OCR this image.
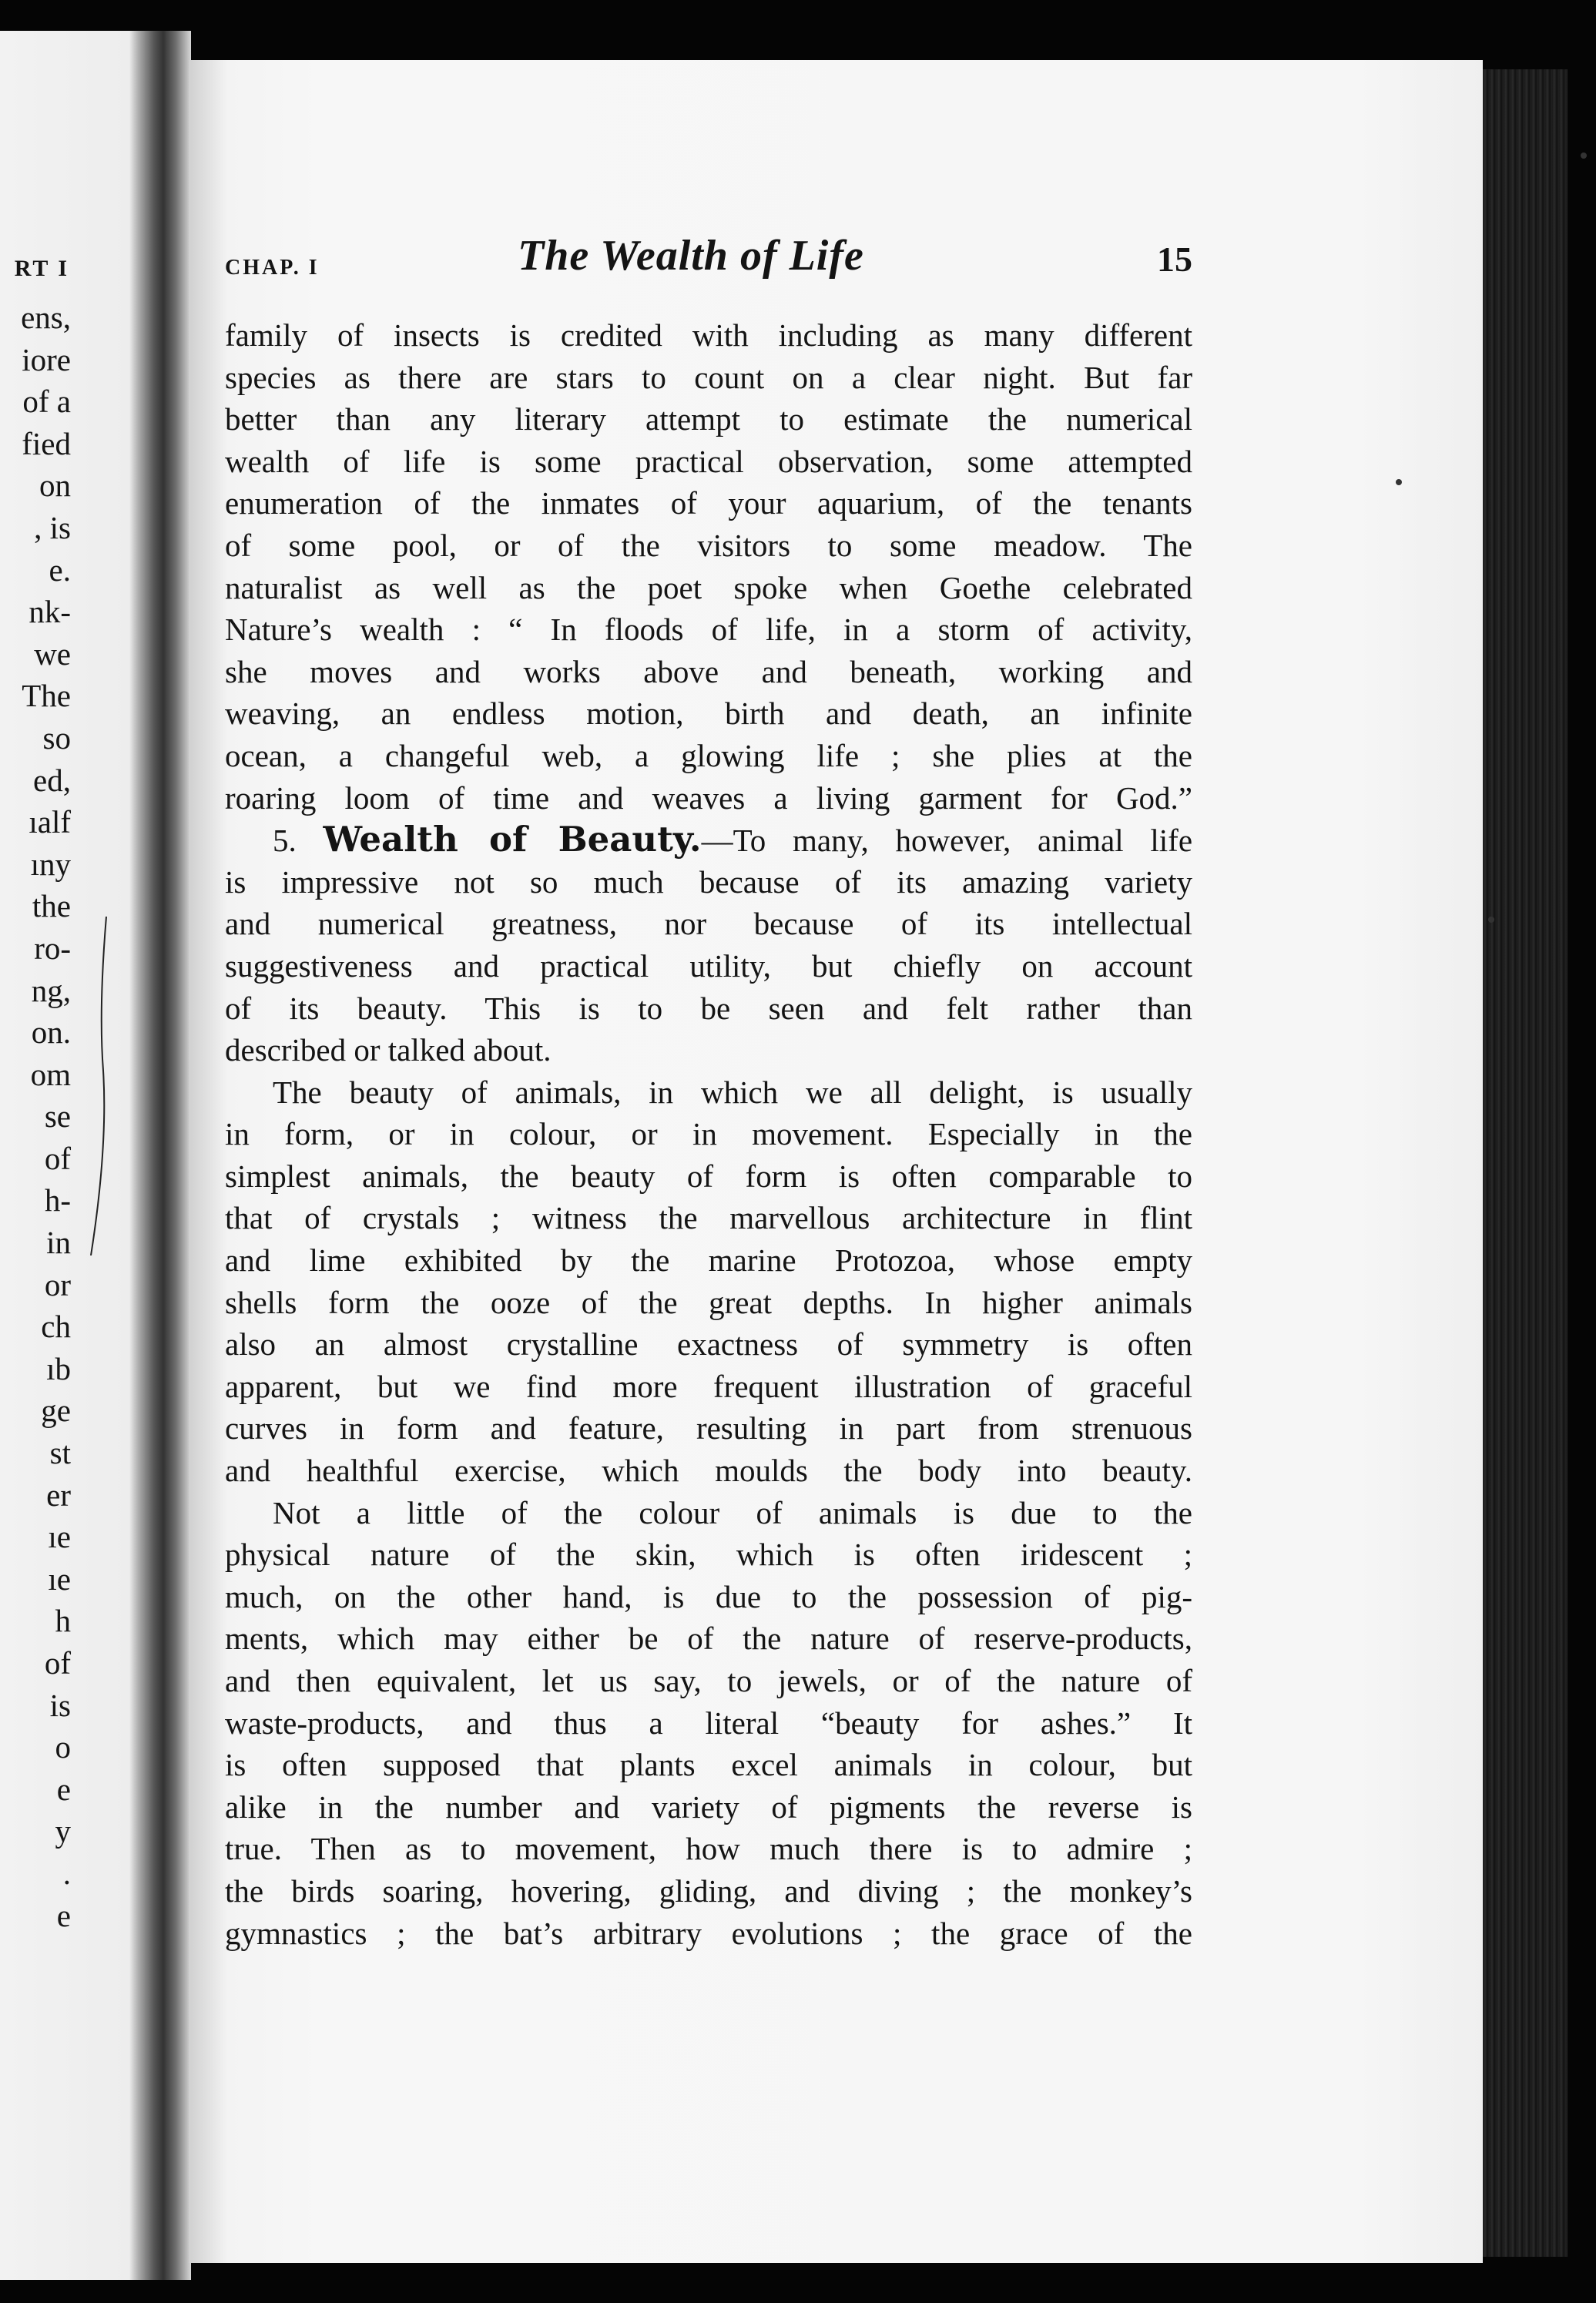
RT I
ens,
iore
of a
fied
on
, is
e.
nk-
we
The
so
ed,
ıalf
ıny
the
ro-
ng,
on.
om
se
of
h-
in
or
ch
ıb
ge
st
er
ıe
ıe
h
of
is
o
e
y
.
e
CHAP. I	The Wealth of Life	15
family of insects is credited with including as many different
species as there are stars to count on a clear night. But far
better than any literary attempt to estimate the numerical
wealth of life is some practical observation, some attempted
enumeration of the inmates of your aquarium, of the tenants
of some pool, or of the visitors to some meadow. The
naturalist as well as the poet spoke when Goethe celebrated
Nature’s wealth : “ In floods of life, in a storm of activity,
she moves and works above and beneath, working and
weaving, an endless motion, birth and death, an infinite
ocean, a changeful web, a glowing life ; she plies at the
roaring loom of time and weaves a living garment for God.”
5. Wealth of Beauty.—To many, however, animal life
is impressive not so much because of its amazing variety
and numerical greatness, nor because of its intellectual
suggestiveness and practical utility, but chiefly on account
of its beauty. This is to be seen and felt rather than
described or talked about.
The beauty of animals, in which we all delight, is usually
in form, or in colour, or in movement. Especially in the
simplest animals, the beauty of form is often comparable to
that of crystals ; witness the marvellous architecture in flint
and lime exhibited by the marine Protozoa, whose empty
shells form the ooze of the great depths. In higher animals
also an almost crystalline exactness of symmetry is often
apparent, but we find more frequent illustration of graceful
curves in form and feature, resulting in part from strenuous
and healthful exercise, which moulds the body into beauty.
Not a little of the colour of animals is due to the
physical nature of the skin, which is often iridescent ;
much, on the other hand, is due to the possession of pig-
ments, which may either be of the nature of reserve-products,
and then equivalent, let us say, to jewels, or of the nature of
waste-products, and thus a literal “beauty for ashes.” It
is often supposed that plants excel animals in colour, but
alike in the number and variety of pigments the reverse is
true. Then as to movement, how much there is to admire ;
the birds soaring, hovering, gliding, and diving ; the monkey’s
gymnastics ; the bat’s arbitrary evolutions ; the grace of the
